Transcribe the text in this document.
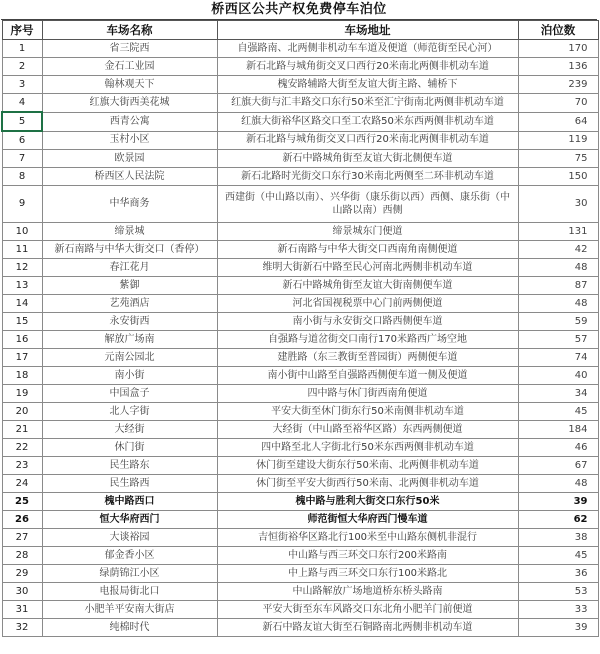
桥西区公共产权免费停车泊位
序号	车场名称	车场地址	泊位数
1	省三院西	自强路南、北两侧非机动车车道及便道（师范街至民心河）	170
2	金石工业园	新石北路与城角街交叉口西行20米南北两侧非机动车道	136
3	翰林观天下	槐安路辅路大街至友谊大街主路、辅桥下	239
4	红旗大街西美花城	红旗大街与汇丰路交口东行50米至汇宁街南北两侧非机动车道	70
5	西青公寓	红旗大街裕华区路交口至工农路50米东西两侧非机动车道	64
6	玉村小区	新石北路与城角街交叉口西行20米南北两侧非机动车道	119
7	欧景园	新石中路城角街至友谊大街北侧便车道	75
8	桥西区人民法院	新石北路时光街交口东行30米南北两侧至二环非机动车道	150
9	中华商务	西建街（中山路以南）、兴华街（康乐街以西）西侧、康乐街（中山路以南）西侧	30
10	缔景城	缔景城东门便道	131
11	新石南路与中华大街交口（香停）	新石南路与中华大街交口西南角南侧便道	42
12	春江花月	维明大街新石中路至民心河南北两侧非机动车道	48
13	紫御	新石中路城角街至友谊大街南侧便车道	87
14	艺苑酒店	河北省国视税票中心门前两侧便道	48
15	永安街西	南小街与永安街交口路西侧便车道	59
16	解放广场南	自强路与道岔街交口南行170米路西广场空地	57
17	元南公园北	建胜路（东三教街至普园街）两侧便车道	74
18	南小街	南小街中山路至自强路西侧便车道一侧及便道	40
19	中国盒子	四中路与休门街西南角便道	34
20	北人字街	平安大街至休门街东行50米南侧非机动车道	45
21	大经街	大经街（中山路至裕华区路）东西两侧便道	184
22	休门街	四中路至北人字街北行50米东西两侧非机动车道	46
23	民生路东	休门街至建设大街东行50米南、北两侧非机动车道	67
24	民生路西	休门街至平安大街西行50米南、北两侧非机动车道	48
25	槐中路西口	槐中路与胜利大街交口东行50米	39
26	恒大华府西门	师范街恒大华府西门慢车道	62
27	大谈裕园	吉恒街裕华区路北行100米至中山路东侧机非混行	38
28	郁金香小区	中山路与西三环交口东行200米路南	45
29	绿荫锦江小区	中上路与西三环交口东行100米路北	36
30	电报局街北口	中山路解放广场地道桥东桥头路南	53
31	小肥羊平安南大街店	平安大街至东车风路交口东北角小肥羊门前便道	33
32	纯棉时代	新石中路友谊大街至石铜路南北两侧非机动车道	39
